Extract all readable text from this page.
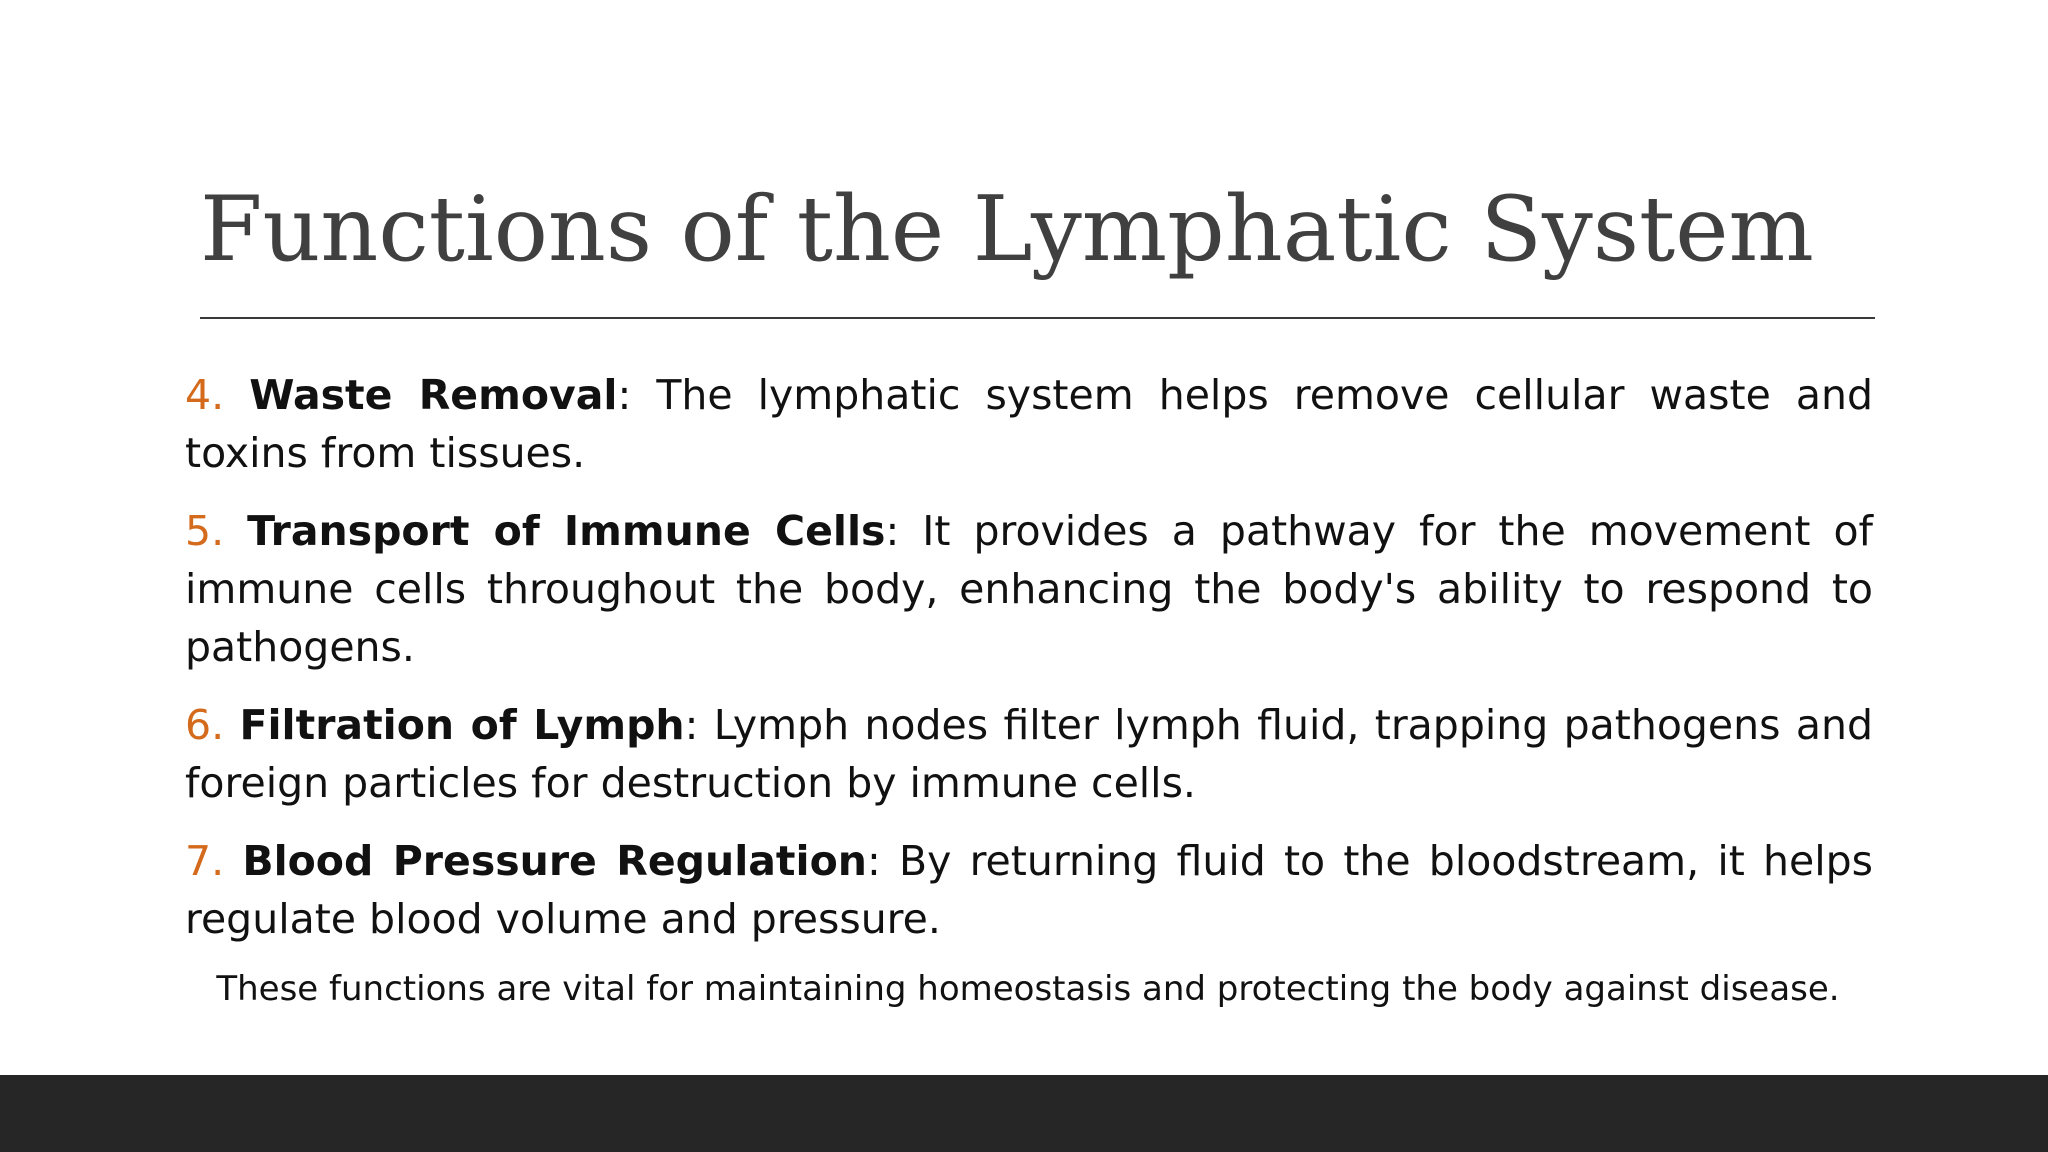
Functions of the Lymphatic System

4. Waste Removal: The lymphatic system helps remove cellular waste and toxins from tissues.

5. Transport of Immune Cells: It provides a pathway for the movement of immune cells throughout the body, enhancing the body's ability to respond to pathogens.

6. Filtration of Lymph: Lymph nodes filter lymph fluid, trapping pathogens and foreign particles for destruction by immune cells.

7. Blood Pressure Regulation: By returning fluid to the bloodstream, it helps regulate blood volume and pressure.

These functions are vital for maintaining homeostasis and protecting the body against disease.
